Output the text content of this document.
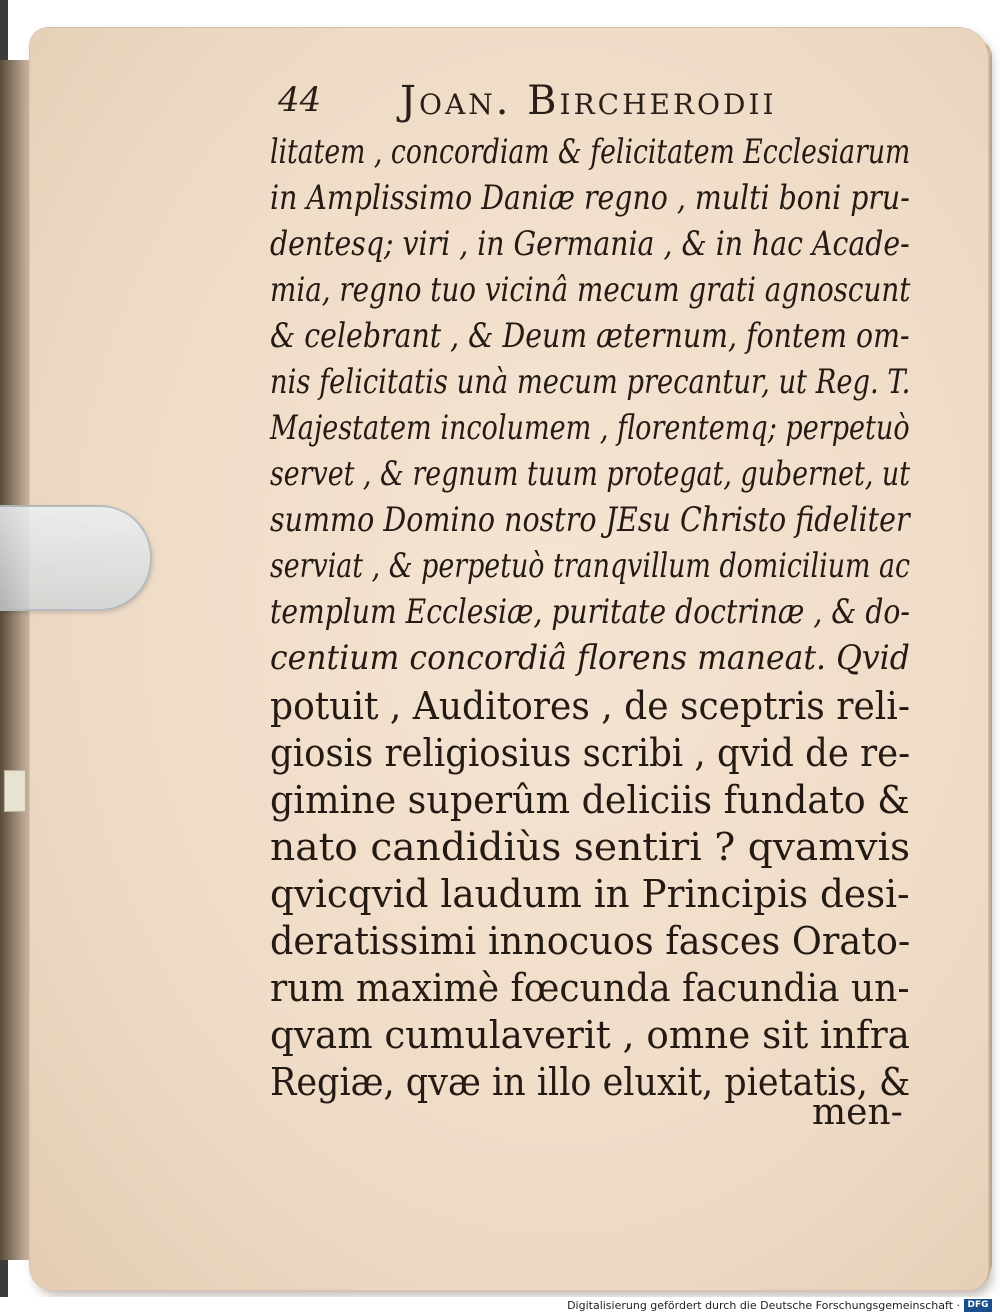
44 Joan. Bircherodii
litatem , concordiam & felicitatem Ecclesiarum
in Amplissimo Daniæ regno , multi boni pru-
dentesq; viri , in Germania , & in hac Acade-
mia, regno tuo vicinâ mecum grati agnoscunt
& celebrant , & Deum æternum, fontem om-
nis felicitatis unà mecum precantur, ut Reg. T.
Majestatem incolumem , florentemq; perpetuò
servet , & regnum tuum protegat, gubernet, ut
summo Domino nostro JEsu Christo fideliter
serviat , & perpetuò tranqvillum domicilium ac
templum Ecclesiæ, puritate doctrinæ , & do-
centium concordiâ florens maneat. Qvid
potuit , Auditores , de sceptris reli-
giosis religiosius scribi , qvid de re-
gimine superûm deliciis fundato &
nato candidiùs sentiri ? qvamvis
qvicqvid laudum in Principis desi-
deratissimi innocuos fasces Orato-
rum maximè fœcunda facundia un-
qvam cumulaverit , omne sit infra
Regiæ, qvæ in illo eluxit, pietatis, &
men-
Digitalisierung gefördert durch die Deutsche Forschungsgemeinschaft · DFG
